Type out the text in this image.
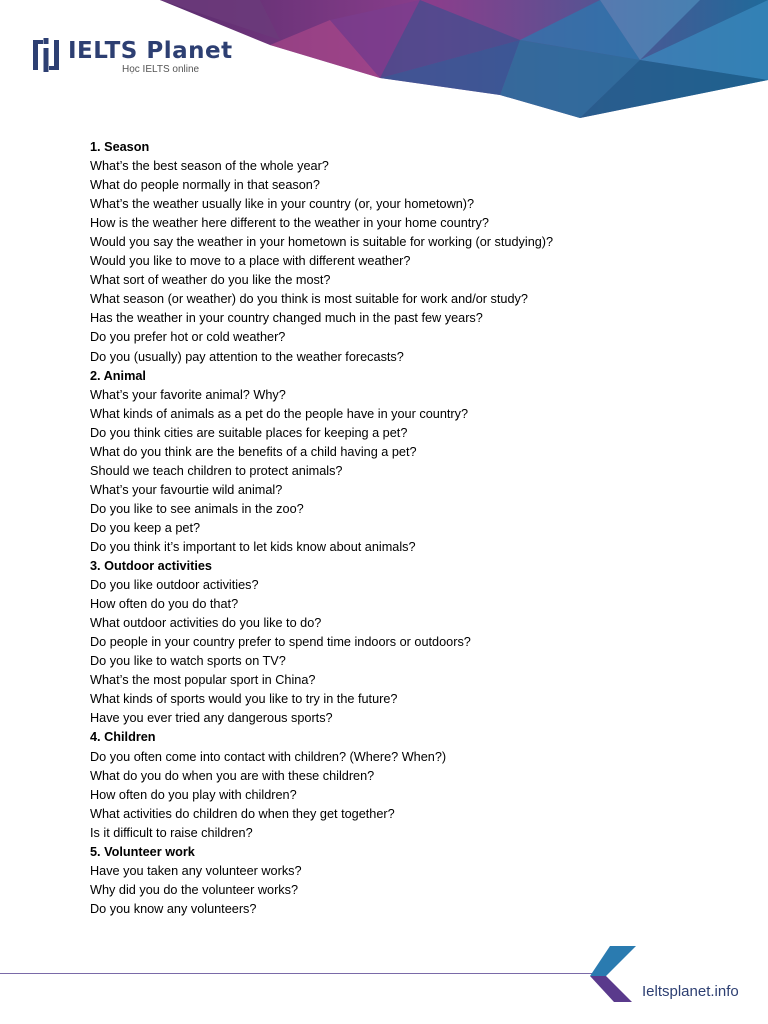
IELTS Planet
Học IELTS online
1. Season
What’s the best season of the whole year?
What do people normally in that season?
What’s the weather usually like in your country (or, your hometown)?
How is the weather here different to the weather in your home country?
Would you say the weather in your hometown is suitable for working (or studying)?
Would you like to move to a place with different weather?
What sort of weather do you like the most?
What season (or weather) do you think is most suitable for work and/or study?
Has the weather in your country changed much in the past few years?
Do you prefer hot or cold weather?
Do you (usually) pay attention to the weather forecasts?
2. Animal
What’s your favorite animal? Why?
What kinds of animals as a pet do the people have in your country?
Do you think cities are suitable places for keeping a pet?
What do you think are the benefits of a child having a pet?
Should we teach children to protect animals?
What’s your favourtie wild animal?
Do you like to see animals in the zoo?
Do you keep a pet?
Do you think it’s important to let kids know about animals?
3. Outdoor activities
Do you like outdoor activities?
How often do you do that?
What outdoor activities do you like to do?
Do people in your country prefer to spend time indoors or outdoors?
Do you like to watch sports on TV?
What’s the most popular sport in China?
What kinds of sports would you like to try in the future?
Have you ever tried any dangerous sports?
4. Children
Do you often come into contact with children? (Where? When?)
What do you do when you are with these children?
How often do you play with children?
What activities do children do when they get together?
Is it difficult to raise children?
5. Volunteer work
Have you taken any volunteer works?
Why did you do the volunteer works?
Do you know any volunteers?
Ieltsplanet.info
